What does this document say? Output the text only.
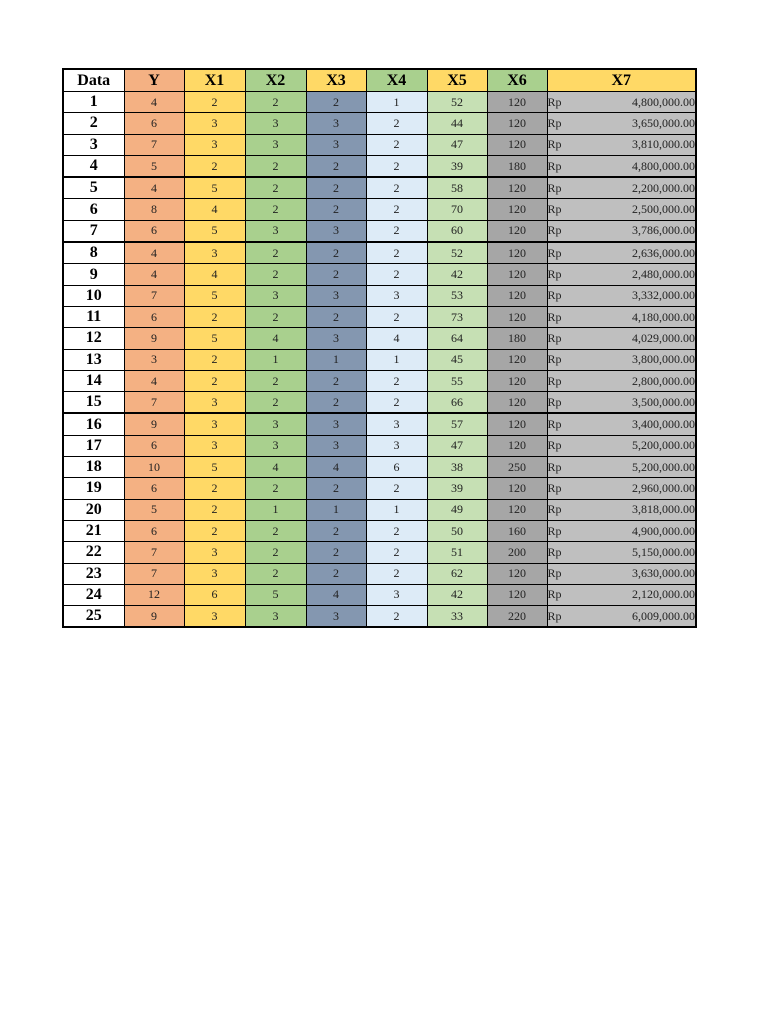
Data	Y	X1	X2	X3	X4	X5	X6	X7
1	4	2	2	2	1	52	120	Rp 4,800,000.00

2	6	3	3	3	2	44	120	Rp 3,650,000.00

3	7	3	3	3	2	47	120	Rp 3,810,000.00

4	5	2	2	2	2	39	180	Rp 4,800,000.00

5	4	5	2	2	2	58	120	Rp 2,200,000.00

6	8	4	2	2	2	70	120	Rp 2,500,000.00

7	6	5	3	3	2	60	120	Rp 3,786,000.00

8	4	3	2	2	2	52	120	Rp 2,636,000.00

9	4	4	2	2	2	42	120	Rp 2,480,000.00

10	7	5	3	3	3	53	120	Rp 3,332,000.00

11	6	2	2	2	2	73	120	Rp 4,180,000.00

12	9	5	4	3	4	64	180	Rp 4,029,000.00

13	3	2	1	1	1	45	120	Rp 3,800,000.00

14	4	2	2	2	2	55	120	Rp 2,800,000.00

15	7	3	2	2	2	66	120	Rp 3,500,000.00

16	9	3	3	3	3	57	120	Rp 3,400,000.00

17	6	3	3	3	3	47	120	Rp 5,200,000.00

18	10	5	4	4	6	38	250	Rp 5,200,000.00

19	6	2	2	2	2	39	120	Rp 2,960,000.00

20	5	2	1	1	1	49	120	Rp 3,818,000.00

21	6	2	2	2	2	50	160	Rp 4,900,000.00

22	7	3	2	2	2	51	200	Rp 5,150,000.00

23	7	3	2	2	2	62	120	Rp 3,630,000.00

24	12	6	5	4	3	42	120	Rp 2,120,000.00

25	9	3	3	3	2	33	220	Rp 6,009,000.00
